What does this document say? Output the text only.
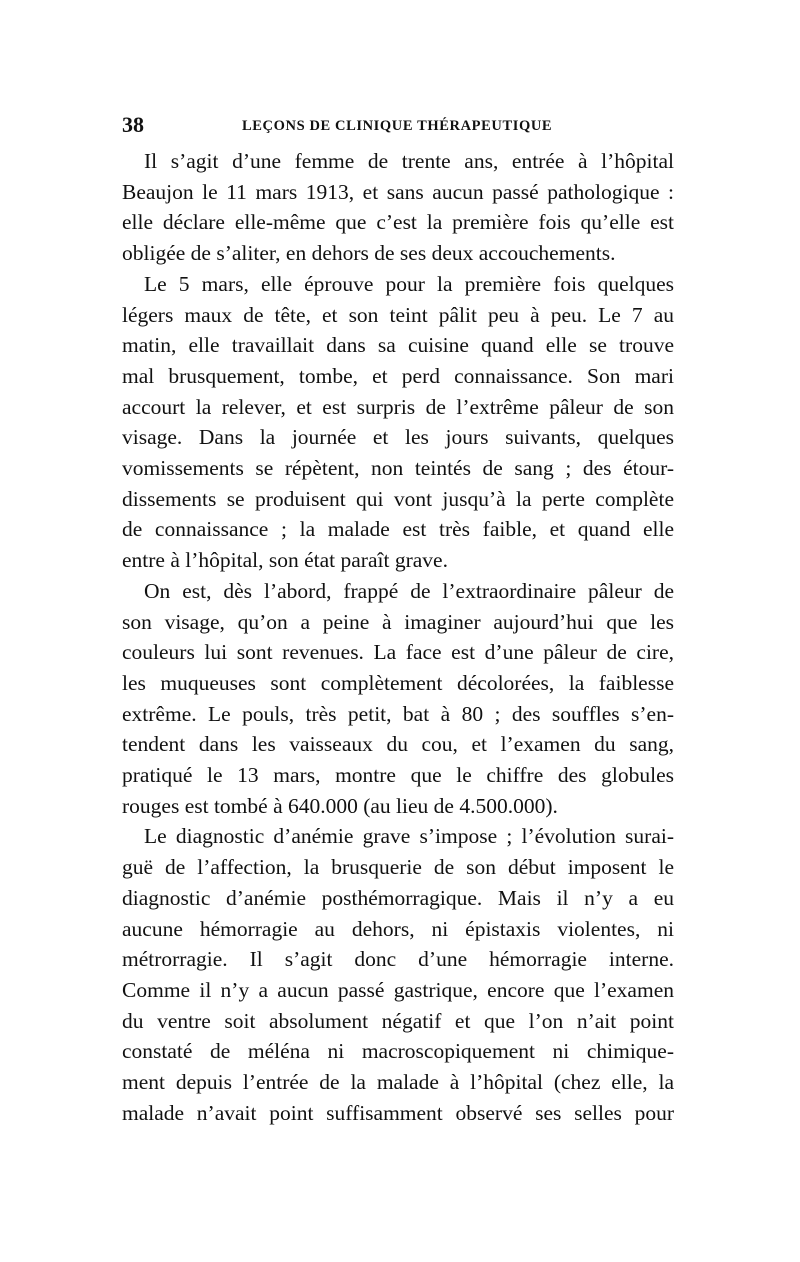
38	LEÇONS DE CLINIQUE THÉRAPEUTIQUE
Il s’agit d’une femme de trente ans, entrée à l’hôpital
Beaujon le 11 mars 1913, et sans aucun passé pathologique :
elle déclare elle-même que c’est la première fois qu’elle est
obligée de s’aliter, en dehors de ses deux accouchements.
Le 5 mars, elle éprouve pour la première fois quelques
légers maux de tête, et son teint pâlit peu à peu. Le 7 au
matin, elle travaillait dans sa cuisine quand elle se trouve
mal brusquement, tombe, et perd connaissance. Son mari
accourt la relever, et est surpris de l’extrême pâleur de son
visage. Dans la journée et les jours suivants, quelques
vomissements se répètent, non teintés de sang ; des étour-
dissements se produisent qui vont jusqu’à la perte complète
de connaissance ; la malade est très faible, et quand elle
entre à l’hôpital, son état paraît grave.
On est, dès l’abord, frappé de l’extraordinaire pâleur de
son visage, qu’on a peine à imaginer aujourd’hui que les
couleurs lui sont revenues. La face est d’une pâleur de cire,
les muqueuses sont complètement décolorées, la faiblesse
extrême. Le pouls, très petit, bat à 80 ; des souffles s’en-
tendent dans les vaisseaux du cou, et l’examen du sang,
pratiqué le 13 mars, montre que le chiffre des globules
rouges est tombé à 640.000 (au lieu de 4.500.000).
Le diagnostic d’anémie grave s’impose ; l’évolution surai-
guë de l’affection, la brusquerie de son début imposent le
diagnostic d’anémie posthémorragique. Mais il n’y a eu
aucune hémorragie au dehors, ni épistaxis violentes, ni
métrorragie. Il s’agit donc d’une hémorragie interne.
Comme il n’y a aucun passé gastrique, encore que l’examen
du ventre soit absolument négatif et que l’on n’ait point
constaté de méléna ni macroscopiquement ni chimique-
ment depuis l’entrée de la malade à l’hôpital (chez elle, la
malade n’avait point suffisamment observé ses selles pour
